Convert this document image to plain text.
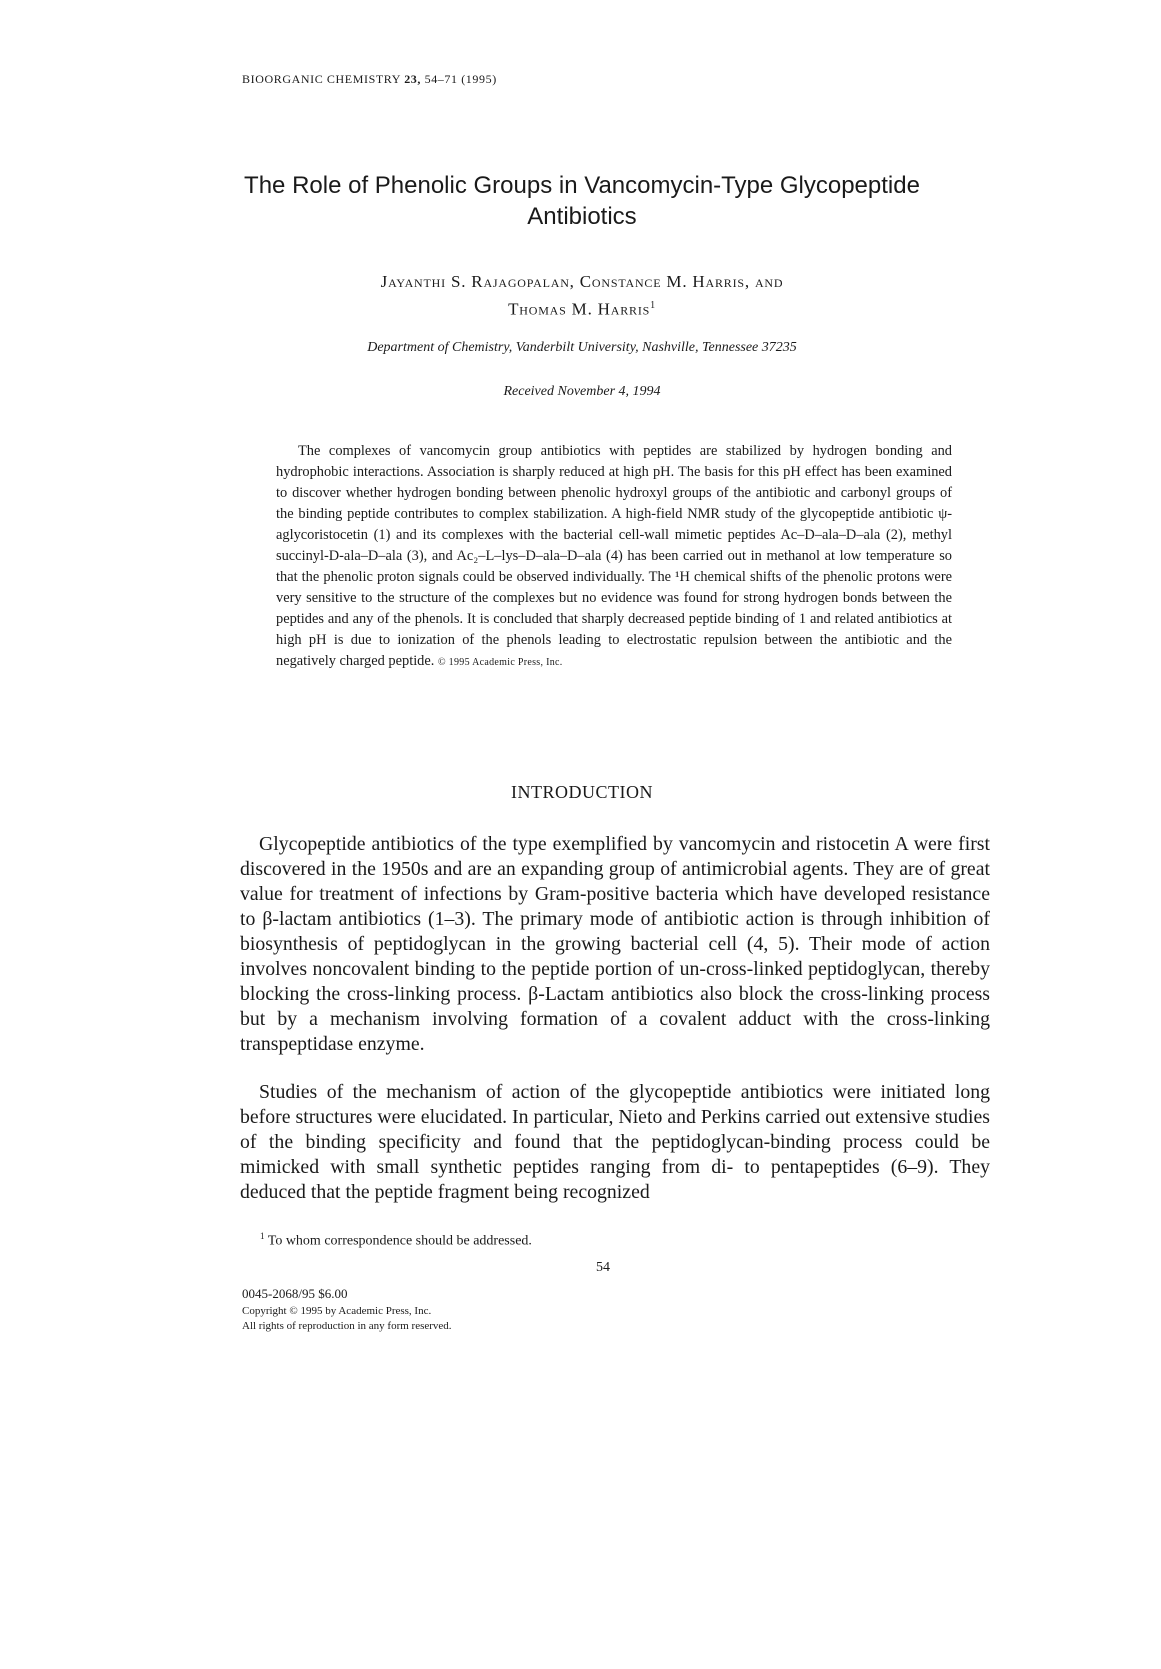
BIOORGANIC CHEMISTRY 23, 54–71 (1995)
The Role of Phenolic Groups in Vancomycin-Type Glycopeptide Antibiotics
Jayanthi S. Rajagopalan, Constance M. Harris, and
Thomas M. Harris$^1$
Department of Chemistry, Vanderbilt University, Nashville, Tennessee 37235
Received November 4, 1994

The complexes of vancomycin group antibiotics with peptides are stabilized by hydrogen bonding and hydrophobic interactions. Association is sharply reduced at high pH. The basis for this pH effect has been examined to discover whether hydrogen bonding between phenolic hydroxyl groups of the antibiotic and carbonyl groups of the binding peptide contributes to complex stabilization. A high-field NMR study of the glycopeptide antibiotic ψ-aglycoristocetin (1) and its complexes with the bacterial cell-wall mimetic peptides Ac–D–ala–D–ala (2), methyl succinyl-D-ala–D–ala (3), and Ac₂–L–lys–D–ala–D–ala (4) has been carried out in methanol at low temperature so that the phenolic proton signals could be observed individually. The ¹H chemical shifts of the phenolic protons were very sensitive to the structure of the complexes but no evidence was found for strong hydrogen bonds between the peptides and any of the phenols. It is concluded that sharply decreased peptide binding of 1 and related antibiotics at high pH is due to ionization of the phenols leading to electrostatic repulsion between the antibiotic and the negatively charged peptide. © 1995 Academic Press, Inc.

INTRODUCTION

Glycopeptide antibiotics of the type exemplified by vancomycin and ristocetin A were first discovered in the 1950s and are an expanding group of antimicrobial agents. They are of great value for treatment of infections by Gram-positive bacteria which have developed resistance to β-lactam antibiotics (1–3). The primary mode of antibiotic action is through inhibition of biosynthesis of peptidoglycan in the growing bacterial cell (4, 5). Their mode of action involves noncovalent binding to the peptide portion of un-cross-linked peptidoglycan, thereby blocking the cross-linking process. β-Lactam antibiotics also block the cross-linking process but by a mechanism involving formation of a covalent adduct with the cross-linking transpeptidase enzyme.

Studies of the mechanism of action of the glycopeptide antibiotics were initiated long before structures were elucidated. In particular, Nieto and Perkins carried out extensive studies of the binding specificity and found that the peptidoglycan-binding process could be mimicked with small synthetic peptides ranging from di- to pentapeptides (6–9). They deduced that the peptide fragment being recognized

$^1$ To whom correspondence should be addressed.
54
0045-2068/95 $6.00
Copyright © 1995 by Academic Press, Inc.
All rights of reproduction in any form reserved.
